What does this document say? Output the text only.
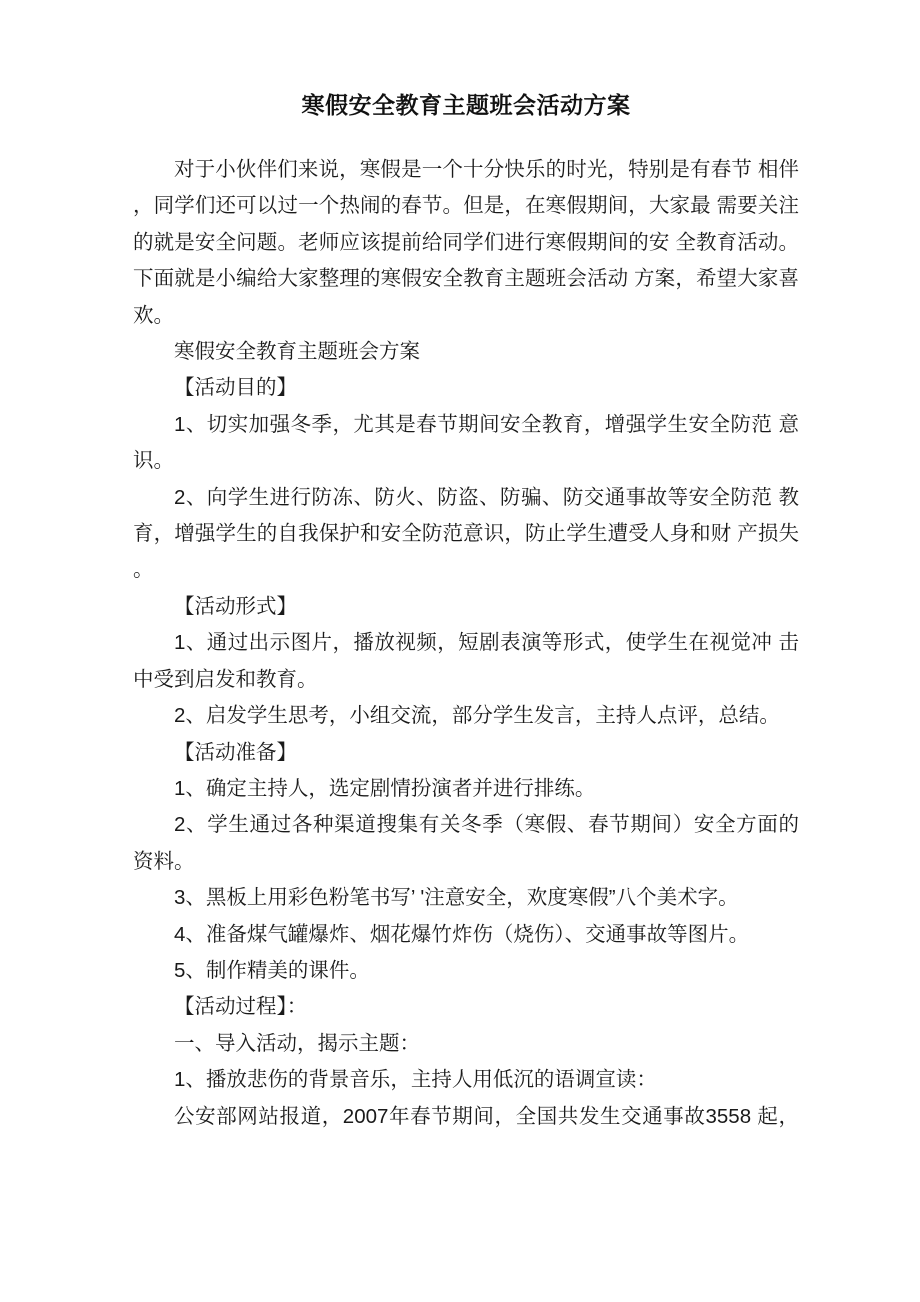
寒假安全教育主题班会活动方案
对于小伙伴们来说，寒假是一个十分快乐的时光，特别是有春节 相伴
，同学们还可以过一个热闹的春节。但是，在寒假期间，大家最 需要关注
的就是安全问题。老师应该提前给同学们进行寒假期间的安 全教育活动。
下面就是小编给大家整理的寒假安全教育主题班会活动 方案，希望大家喜
欢。
寒假安全教育主题班会方案
【活动目的】
1、切实加强冬季，尤其是春节期间安全教育，增强学生安全防范 意
识。
2、向学生进行防冻、防火、防盗、防骗、防交通事故等安全防范 教
育，增强学生的自我保护和安全防范意识，防止学生遭受人身和财 产损失
。
【活动形式】
1、通过出示图片，播放视频，短剧表演等形式，使学生在视觉冲 击
中受到启发和教育。
2、启发学生思考，小组交流，部分学生发言，主持人点评，总结。
【活动准备】
1、确定主持人，选定剧情扮演者并进行排练。
2、学生通过各种渠道搜集有关冬季（寒假、春节期间）安全方面的
资料。
3、黑板上用彩色粉笔书写’ '注意安全，欢度寒假”八个美术字。
4、准备煤气罐爆炸、烟花爆竹炸伤（烧伤）、交通事故等图片。
5、制作精美的课件。
【活动过程】：
一、导入活动，揭示主题：
1、播放悲伤的背景音乐，主持人用低沉的语调宣读：
公安部网站报道，2007年春节期间，全国共发生交通事故3558 起，
